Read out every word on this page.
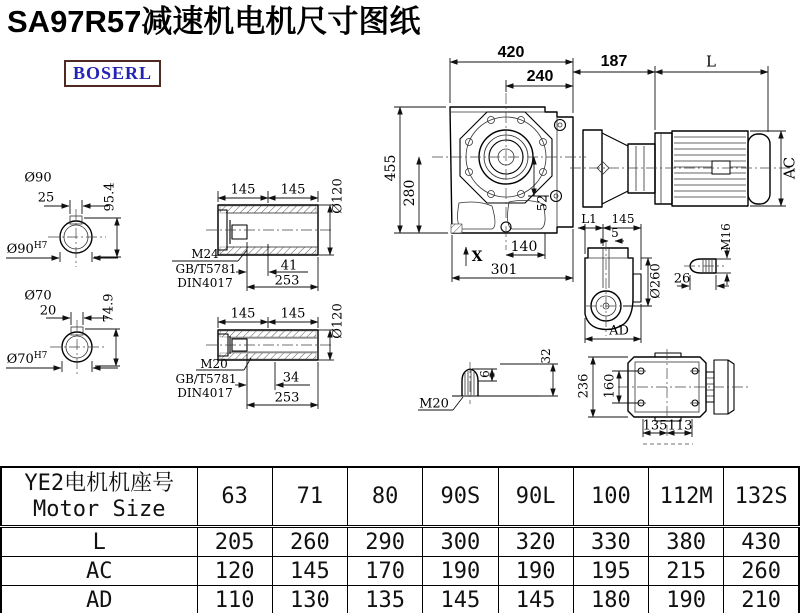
SA97R57减速机电机尺寸图纸
BOSERL
Ø90
25	95.4
$Ø90^{H7}$
Ø70
20	74.9
$Ø70^{H7}$
145 145 Ø120
M24
GB/T5781
DIN4017
41
253
145 145 Ø120
M20
GB/T5781
DIN4017
34
253
420
240
455
280	52
140
301
X
187	L
AC
L1 145
5
Ø260
AD
M16
26
M20
6
32
236 160
135 113
YE2电机机座号
Motor Size	63	71	80	90S	90L	100	112M	132S
L	205	260	290	300	320	330	380	430
AC	120	145	170	190	190	195	215	260
AD	110	130	135	145	145	180	190	210
